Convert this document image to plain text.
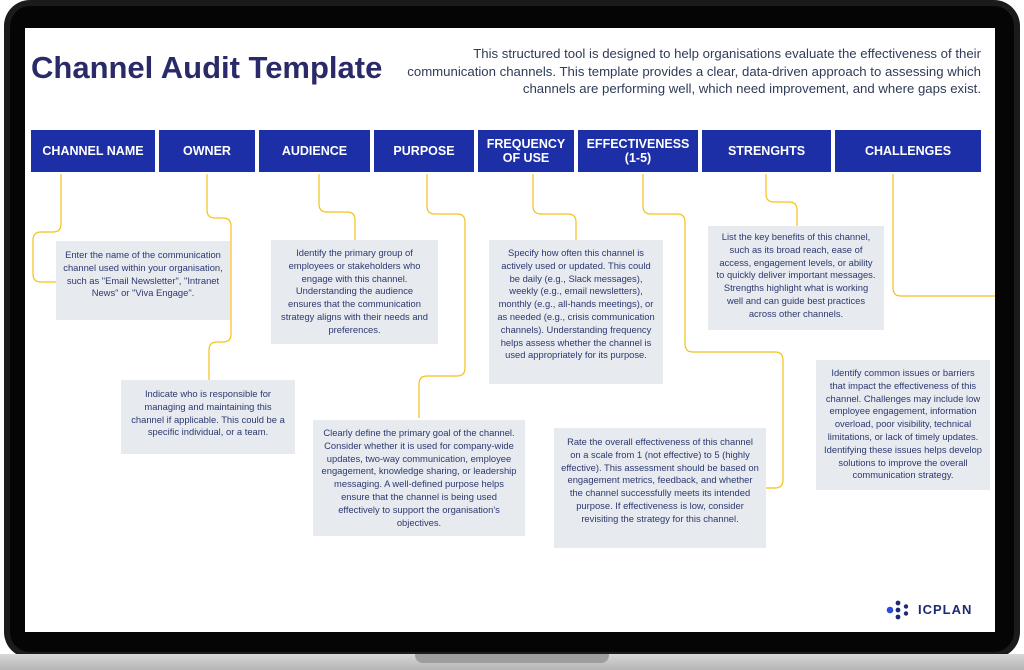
Channel Audit Template	This structured tool is designed to help organisations evaluate the effectiveness of their communication channels. This template provides a clear, data-driven approach to assessing which channels are performing well, which need improvement, and where gaps exist.
CHANNEL NAME	OWNER	AUDIENCE	PURPOSE	FREQUENCY OF USE
EFFECTIVENESS (1-5)	STRENGHTS	CHALLENGES
Enter the name of the communication channel used within your organisation, such as "Email Newsletter", "Intranet News" or "Viva Engage".
Indicate who is responsible for managing and maintaining this channel if applicable. This could be a specific individual, or a team.
Identify the primary group of employees or stakeholders who engage with this channel. Understanding the audience ensures that the communication strategy aligns with their needs and preferences.
Clearly define the primary goal of the channel. Consider whether it is used for company-wide updates, two-way communication, employee engagement, knowledge sharing, or leadership messaging. A well-defined purpose helps ensure that the channel is being used effectively to support the organisation's objectives.
Specify how often this channel is actively used or updated. This could be daily (e.g., Slack messages), weekly (e.g., email newsletters), monthly (e.g., all-hands meetings), or as needed (e.g., crisis communication channels). Understanding frequency helps assess whether the channel is used appropriately for its purpose.
Rate the overall effectiveness of this channel on a scale from 1 (not effective) to 5 (highly effective). This assessment should be based on engagement metrics, feedback, and whether the channel successfully meets its intended purpose. If effectiveness is low, consider revisiting the strategy for this channel.
List the key benefits of this channel, such as its broad reach, ease of access, engagement levels, or ability to quickly deliver important messages. Strengths highlight what is working well and can guide best practices across other channels.
Identify common issues or barriers that impact the effectiveness of this channel. Challenges may include low employee engagement, information overload, poor visibility, technical limitations, or lack of timely updates. Identifying these issues helps develop solutions to improve the overall communication strategy.
ICPLAN
